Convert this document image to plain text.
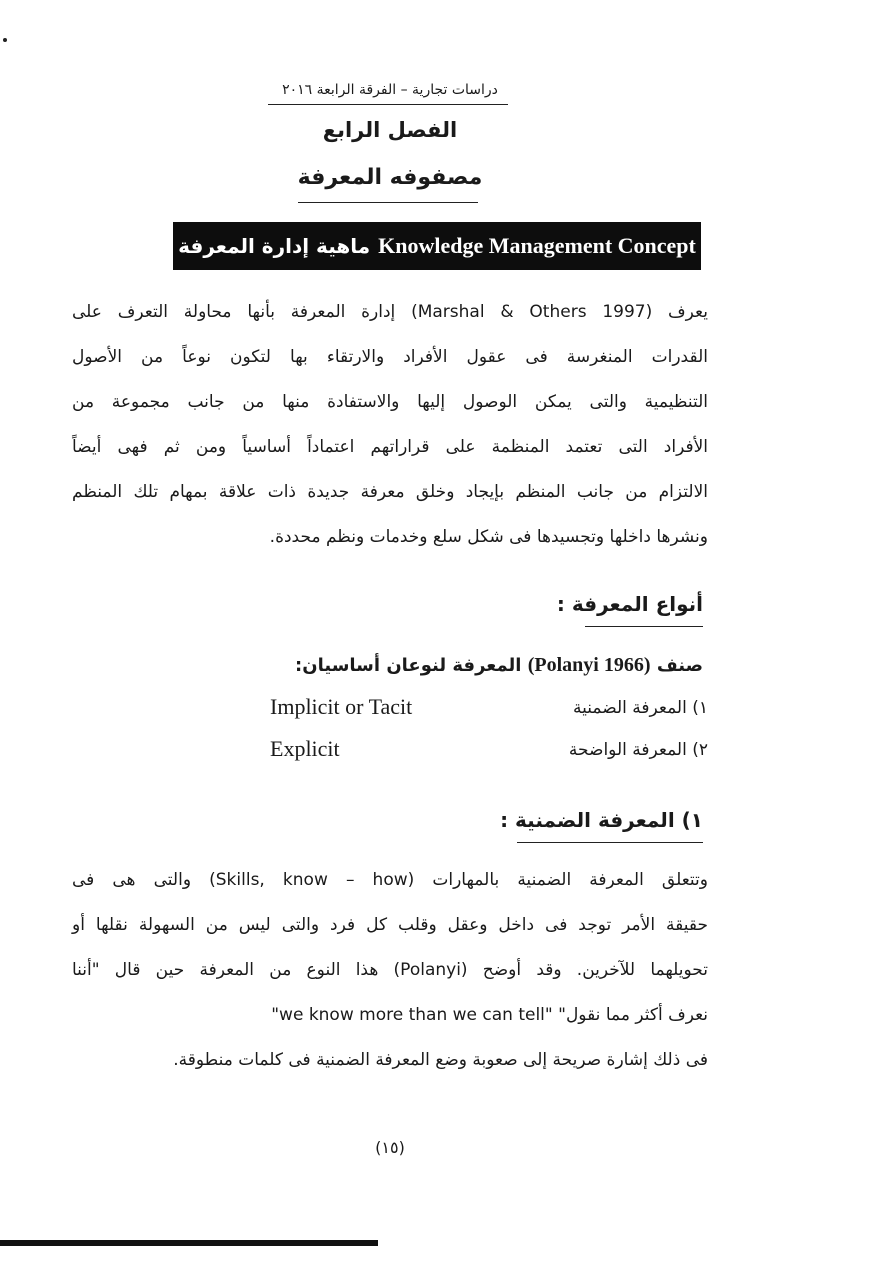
دراسات تجارية – الفرقة الرابعة ٢٠١٦
الفصل الرابع
مصفوفه المعرفة
ماهية إدارة المعرفة Knowledge Management Concept
يعرف (Marshal & Others 1997) إدارة المعرفة بأنها محاولة التعرف على
القدرات المنغرسة فى عقول الأفراد والارتقاء بها لتكون نوعاً من الأصول
التنظيمية والتى يمكن الوصول إليها والاستفادة منها من جانب مجموعة من
الأفراد التى تعتمد المنظمة على قراراتهم اعتماداً أساسياً ومن ثم فهى أيضاً
الالتزام من جانب المنظم بإيجاد وخلق معرفة جديدة ذات علاقة بمهام تلك المنظم
ونشرها داخلها وتجسيدها فى شكل سلع وخدمات ونظم محددة.
أنواع المعرفة :
صنف (Polanyi 1966) المعرفة لنوعان أساسيان:
١) المعرفة الضمنية
Implicit or Tacit
٢) المعرفة الواضحة
Explicit
١) المعرفة الضمنية :
وتتعلق المعرفة الضمنية بالمهارات (Skills, know – how) والتى هى فى
حقيقة الأمر توجد فى داخل وعقل وقلب كل فرد والتى ليس من السهولة نقلها أو
تحويلهما للآخرين. وقد أوضح (Polanyi) هذا النوع من المعرفة حين قال "أننا
نعرف أكثر مما نقول" "we know more than we can tell"
فى ذلك إشارة صريحة إلى صعوبة وضع المعرفة الضمنية فى كلمات منطوقة.
(١٥)
